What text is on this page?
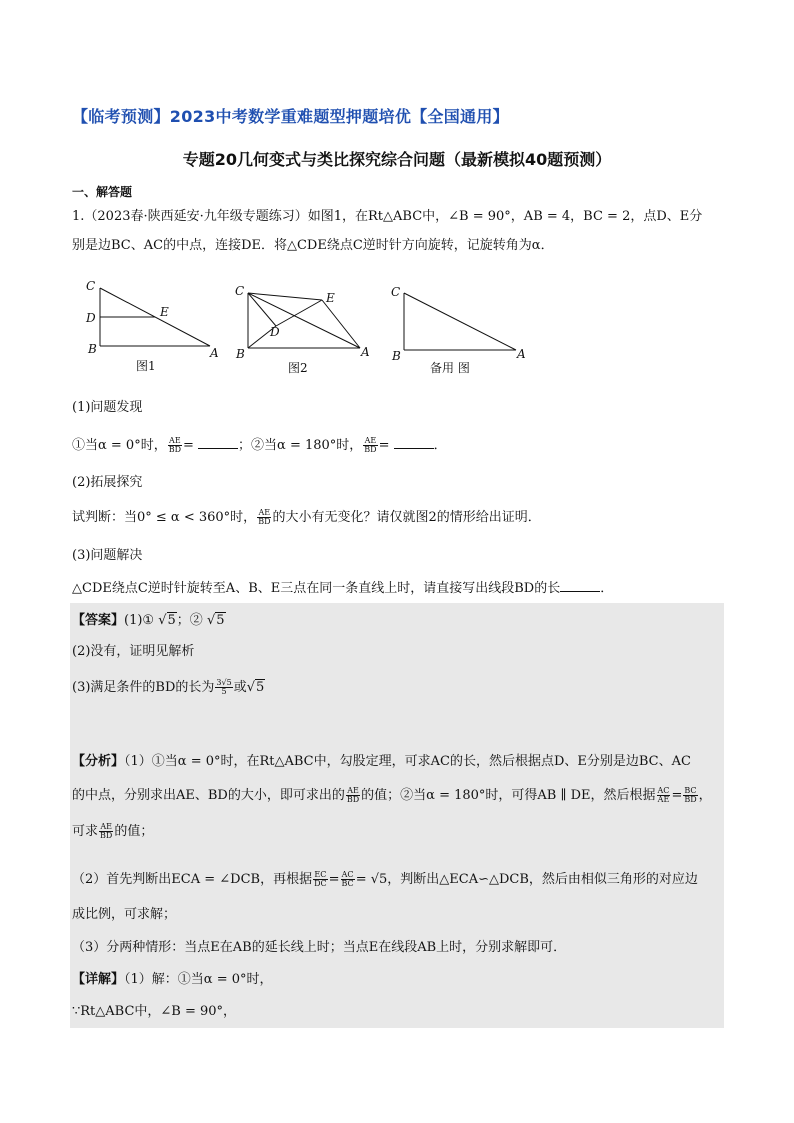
【临考预测】2023中考数学重难题型押题培优【全国通用】
专题20几何变式与类比探究综合问题（最新模拟40题预测）
一、解答题
1.（2023春·陕西延安·九年级专题练习）如图1，在Rt△ABC中，∠B = 90°，AB = 4，BC = 2，点D、E分
别是边BC、AC的中点，连接DE．将△CDE绕点C逆时针方向旋转，记旋转角为α．
C
D
B
E
A
图1
C	E
D
B	A
图2
C
B	A
备用 图
(1)问题发现
①当α = 0°时， $\frac{AE}{BD}$ =	；②当α = 180°时， $\frac{AE}{BD}$ =	．
(2)拓展探究
试判断：当0° ≤ α < 360°时， $\frac{AE}{BD}$ 的大小有无变化？请仅就图2的情形给出证明．
(3)问题解决
△CDE绕点C逆时针旋转至A、B、E三点在同一条直线上时，请直接写出线段BD的长	．
【答案】(1)① √5；② √5
(2)没有，证明见解析
(3)满足条件的BD的长为 $\frac{3√5}{5}$ 或√5
【分析】（1）①当α = 0°时，在Rt△ABC中，勾股定理，可求AC的长，然后根据点D、E分别是边BC、AC
的中点，分别求出AE、BD的大小，即可求出的 $\frac{AE}{BD}$ 的值；②当α = 180°时，可得AB ∥ DE，然后根据 $\frac{AC}{AE} = \frac{BC}{BD}$ ，
可求 $\frac{AE}{BD}$ 的值；
（2）首先判断出ECA = ∠DCB，再根据 $\frac{EC}{DC} = \frac{AC}{BC} = √5$，判断出△ECA∽△DCB，然后由相似三角形的对应边
成比例，可求解；
（3）分两种情形：当点E在AB的延长线上时；当点E在线段AB上时，分别求解即可．
【详解】（1）解：①当α = 0°时，
∵Rt△ABC中，∠B = 90°，
